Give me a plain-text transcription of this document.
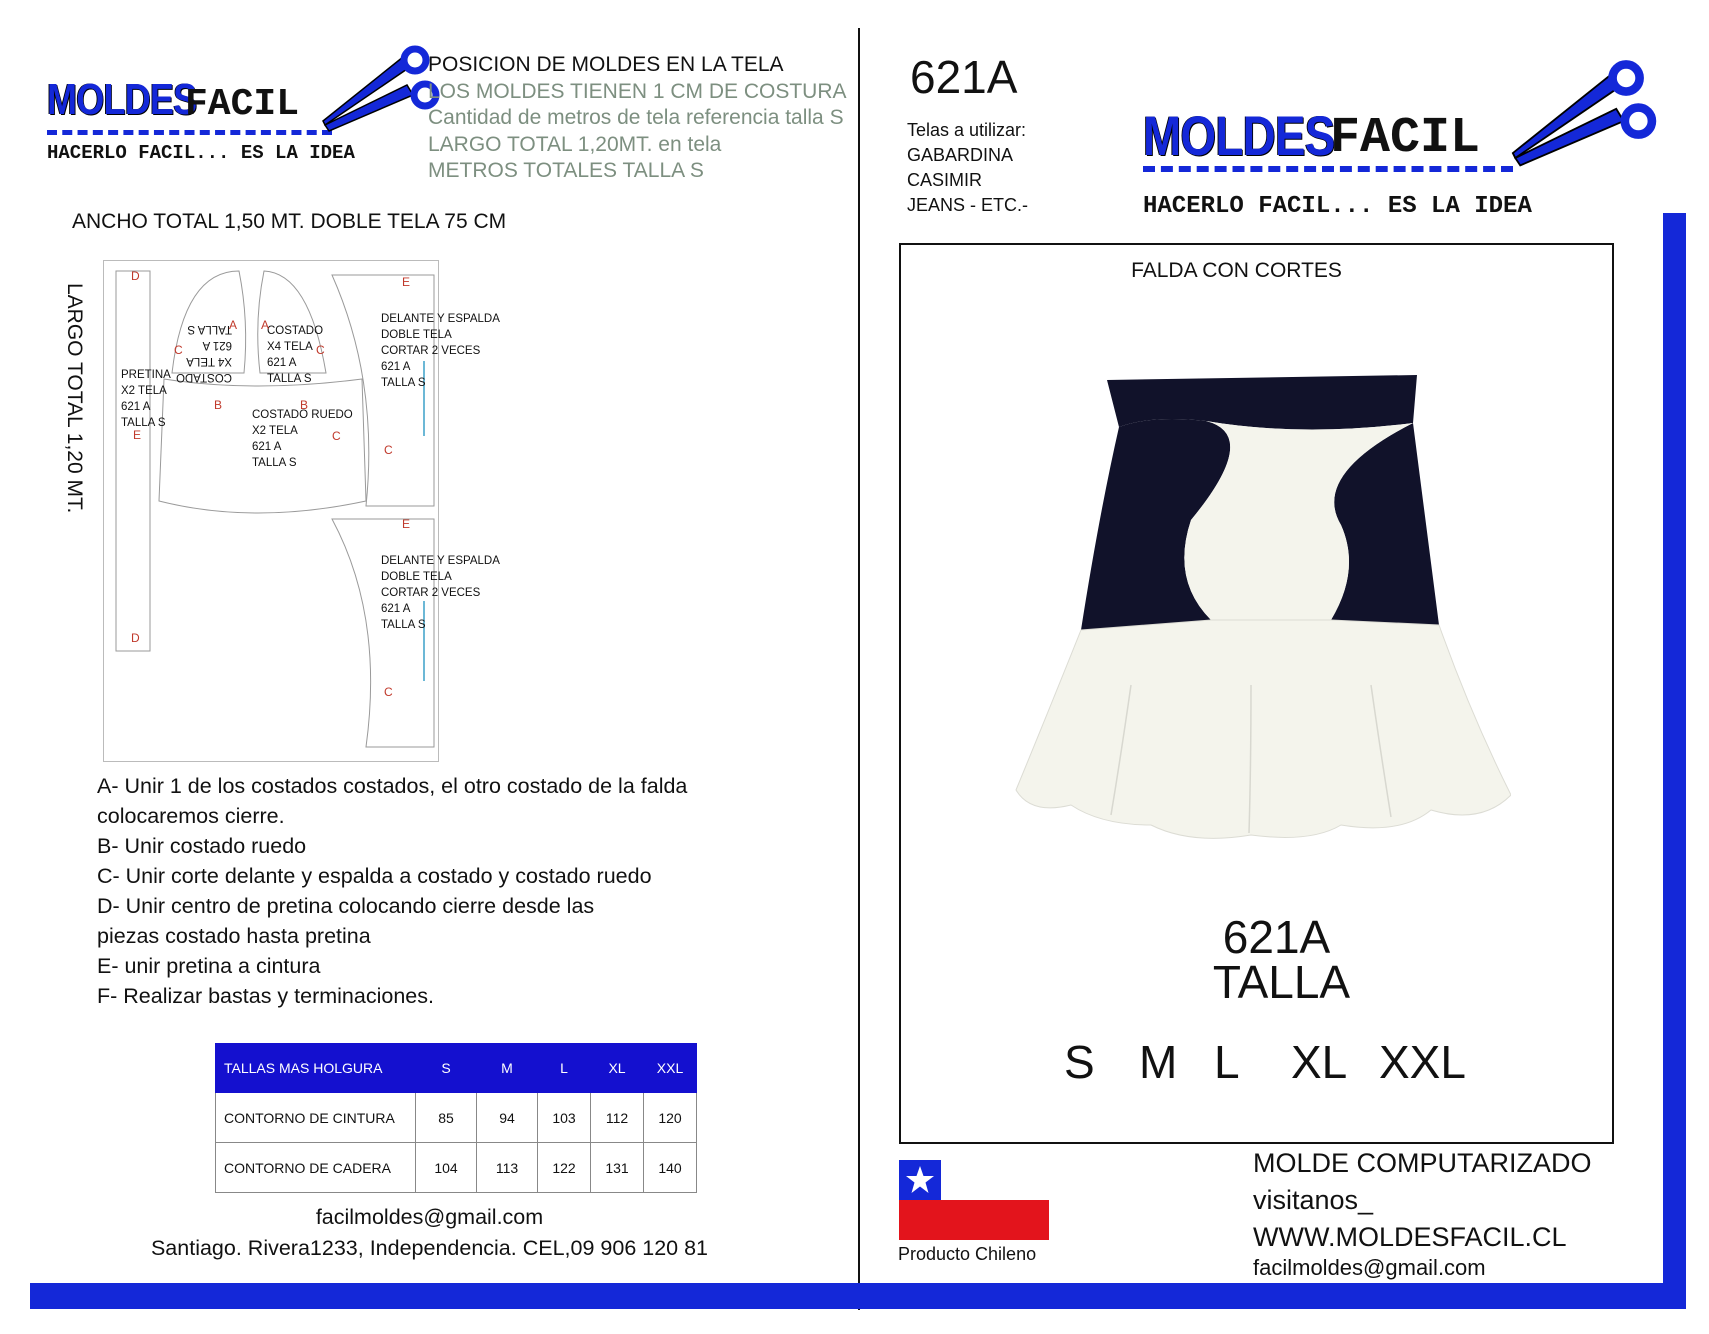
MOLDES
FACIL
HACERLO FACIL... ES LA IDEA
POSICION DE MOLDES EN LA TELA
LOS MOLDES TIENEN 1 CM DE COSTURA
Cantidad de metros de tela referencia talla S
LARGO TOTAL 1,20MT. en tela
METROS TOTALES TALLA S
ANCHO TOTAL 1,50 MT. DOBLE TELA 75 CM
LARGO TOTAL 1,20 MT.	PRETINA
X2 TELA
621 A
TALLA S
COSTADO
X4 TELA
621 A
TALLA S	COSTADO
X4 TELA
621 A
TALLA S
COSTADO RUEDO
X2 TELA
621 A
TALLA S
DELANTE Y ESPALDA
DOBLE TELA
CORTAR 2 VECES
621 A
TALLA S
DELANTE Y ESPALDA
DOBLE TELA
CORTAR 2 VECES
621 A
TALLA S
D
D
E
A A
C	C
B	B
C
E
C
E
C
A- Unir 1 de los costados costados, el otro costado de la falda
colocaremos cierre.
B- Unir costado ruedo
C- Unir corte delante y espalda a costado y costado ruedo
D- Unir centro de pretina colocando cierre desde las
piezas costado hasta pretina
E- unir pretina a cintura
F- Realizar bastas y terminaciones.
TALLAS MAS HOLGURA	S	M	L	XL	XXL
CONTORNO DE CINTURA	85	94	103	112	120
CONTORNO DE CADERA	104	113	122	131	140
facilmoldes@gmail.com
Santiago. Rivera1233, Independencia. CEL,09 906 120 81
621A
Telas a utilizar:
GABARDINA
CASIMIR
JEANS - ETC.-
MOLDES
FACIL
HACERLO FACIL... ES LA IDEA
FALDA CON CORTES
621A
TALLA
S M L XL XXL
Producto Chileno
MOLDE COMPUTARIZADO
visitanos_
WWW.MOLDESFACIL.CL
facilmoldes@gmail.com
